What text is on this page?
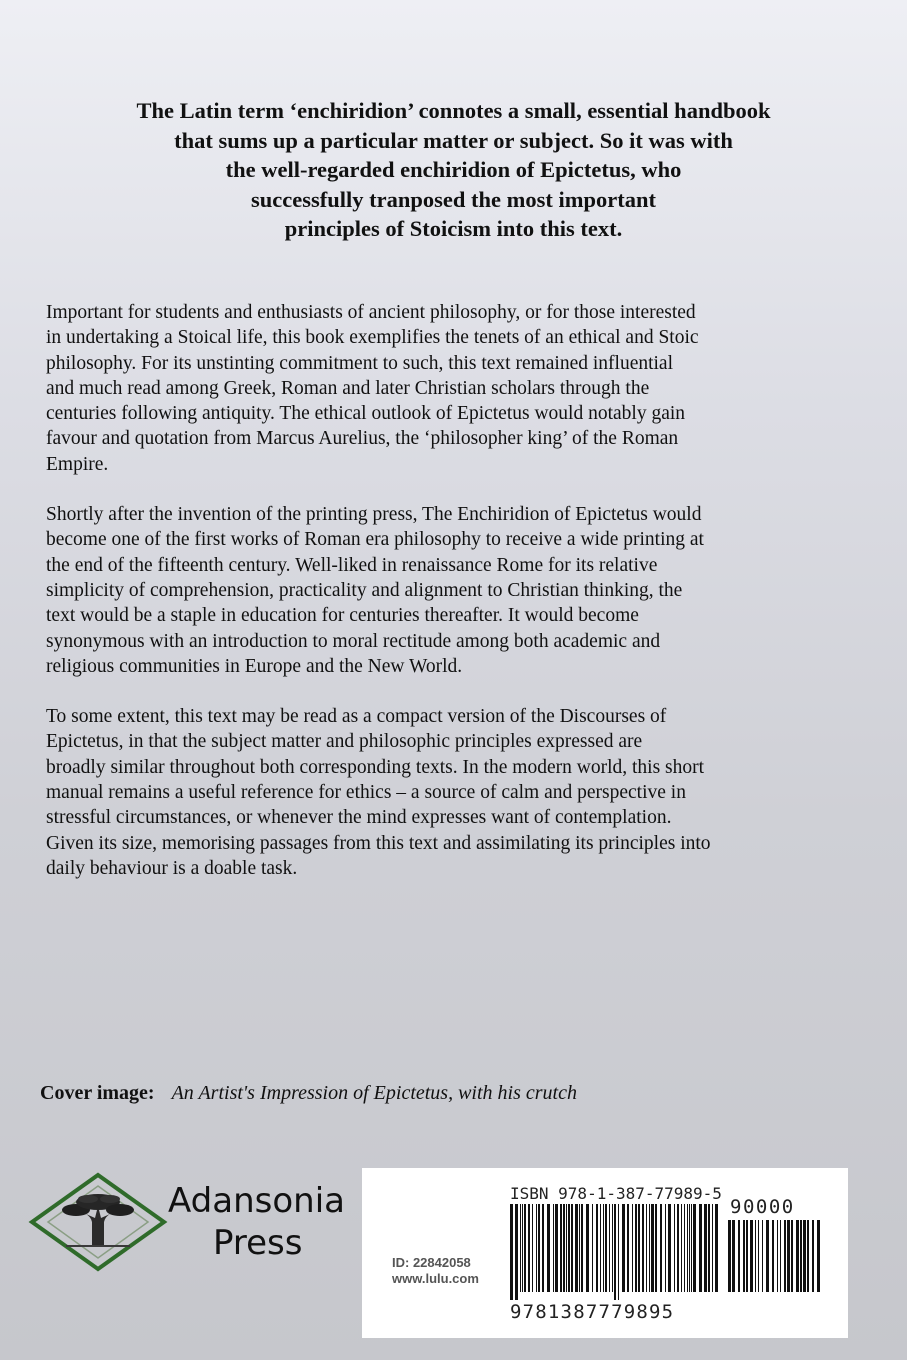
The Latin term ‘enchiridion’ connotes a small, essential handbook
that sums up a particular matter or subject. So it was with
the well-regarded enchiridion of Epictetus, who
successfully tranposed the most important
principles of Stoicism into this text.
Important for students and enthusiasts of ancient philosophy, or for those interested
in undertaking a Stoical life, this book exemplifies the tenets of an ethical and Stoic
philosophy. For its unstinting commitment to such, this text remained influential
and much read among Greek, Roman and later Christian scholars through the
centuries following antiquity. The ethical outlook of Epictetus would notably gain
favour and quotation from Marcus Aurelius, the ‘philosopher king’ of the Roman
Empire.
Shortly after the invention of the printing press, The Enchiridion of Epictetus would
become one of the first works of Roman era philosophy to receive a wide printing at
the end of the fifteenth century. Well-liked in renaissance Rome for its relative
simplicity of comprehension, practicality and alignment to Christian thinking, the
text would be a staple in education for centuries thereafter. It would become
synonymous with an introduction to moral rectitude among both academic and
religious communities in Europe and the New World.
To some extent, this text may be read as a compact version of the Discourses of
Epictetus, in that the subject matter and philosophic principles expressed are
broadly similar throughout both corresponding texts. In the modern world, this short
manual remains a useful reference for ethics – a source of calm and perspective in
stressful circumstances, or whenever the mind expresses want of contemplation.
Given its size, memorising passages from this text and assimilating its principles into
daily behaviour is a doable task.
Cover image: An Artist's Impression of Epictetus, with his crutch
Adansonia
Press
ISBN 978-1-387-77989-5
ID: 22842058
www.lulu.com
9781387779895
90000
